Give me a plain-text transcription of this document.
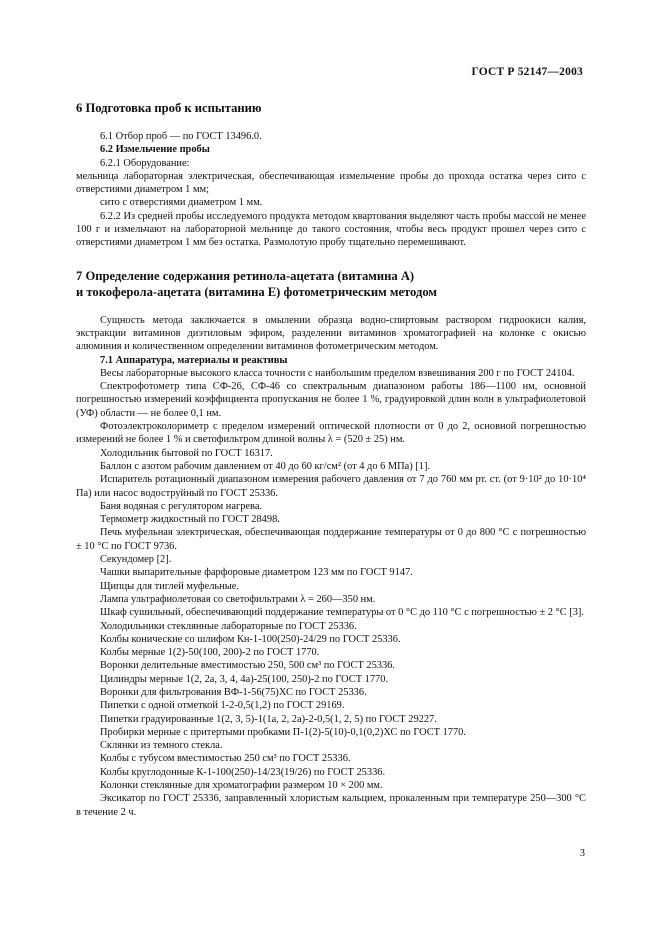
ГОСТ Р 52147—2003
6 Подготовка проб к испытанию

6.1 Отбор проб — по ГОСТ 13496.0.

6.2 Измельчение пробы

6.2.1 Оборудование:

мельница лабораторная электрическая, обеспечивающая измельчение пробы до прохода остатка через сито с отверстиями диаметром 1 мм;

сито с отверстиями диаметром 1 мм.

6.2.2 Из средней пробы исследуемого продукта методом квартования выделяют часть пробы массой не менее 100 г и измельчают на лабораторной мельнице до такого состояния, чтобы весь продукт прошел через сито с отверстиями диаметром 1 мм без остатка. Размолотую пробу тщательно перемешивают.

7 Определение содержания ретинола-ацетата (витамина А)
и токоферола-ацетата (витамина Е) фотометрическим методом

Сущность метода заключается в омылении образца водно-спиртовым раствором гидроокиси калия, экстракции витаминов диэтиловым эфиром, разделении витаминов хроматографией на колонке с окисью алюминия и количественном определении витаминов фотометрическим методом.

7.1 Аппаратура, материалы и реактивы

Весы лабораторные высокого класса точности с наибольшим пределом взвешивания 200 г по ГОСТ 24104.

Спектрофотометр типа СФ-26, СФ-46 со спектральным диапазоном работы 186—1100 нм, основной погрешностью измерений коэффициента пропускания не более 1 %, градуировкой длин волн в ультрафиолетовой (УФ) области — не более 0,1 нм.

Фотоэлектроколориметр с пределом измерений оптической плотности от 0 до 2, основной погрешностью измерений не более 1 % и светофильтром длиной волны λ = (520 ± 25) нм.

Холодильник бытовой по ГОСТ 16317.

Баллон с азотом рабочим давлением от 40 до 60 кг/см² (от 4 до 6 МПа) [1].

Испаритель ротационный диапазоном измерения рабочего давления от 7 до 760 мм рт. ст. (от 9·10² до 10·10⁴ Па) или насос водоструйный по ГОСТ 25336.

Баня водяная с регулятором нагрева.

Термометр жидкостный по ГОСТ 28498.

Печь муфельная электрическая, обеспечивающая поддержание температуры от 0 до 800 °С с погрешностью ± 10 °С по ГОСТ 9736.

Секундомер [2].

Чашки выпарительные фарфоровые диаметром 123 мм по ГОСТ 9147.

Щипцы для тиглей муфельные.

Лампа ультрафиолетовая со светофильтрами λ = 260—350 нм.

Шкаф сушильный, обеспечивающий поддержание температуры от 0 °С до 110 °С с погрешностью ± 2 °С [3].

Холодильники стеклянные лабораторные по ГОСТ 25336.

Колбы конические со шлифом Кн-1-100(250)-24/29 по ГОСТ 25336.

Колбы мерные 1(2)-50(100, 200)-2 по ГОСТ 1770.

Воронки делительные вместимостью 250, 500 см³ по ГОСТ 25336.

Цилиндры мерные 1(2, 2а, 3, 4, 4а)-25(100, 250)-2 по ГОСТ 1770.

Воронки для фильтрования ВФ-1-56(75)ХС по ГОСТ 25336.

Пипетки с одной отметкой 1-2-0,5(1,2) по ГОСТ 29169.

Пипетки градуированные 1(2, 3, 5)-1(1а, 2, 2а)-2-0,5(1, 2, 5) по ГОСТ 29227.

Пробирки мерные с притертыми пробками П-1(2)-5(10)-0,1(0,2)ХС по ГОСТ 1770.

Склянки из темного стекла.

Колбы с тубусом вместимостью 250 см³ по ГОСТ 25336.

Колбы круглодонные К-1-100(250)-14/23(19/26) по ГОСТ 25336.

Колонки стеклянные для хроматографии размером 10 × 200 мм.

Эксикатор по ГОСТ 25336, заправленный хлористым кальцием, прокаленным при температуре 250—300 °С в течение 2 ч.

3
